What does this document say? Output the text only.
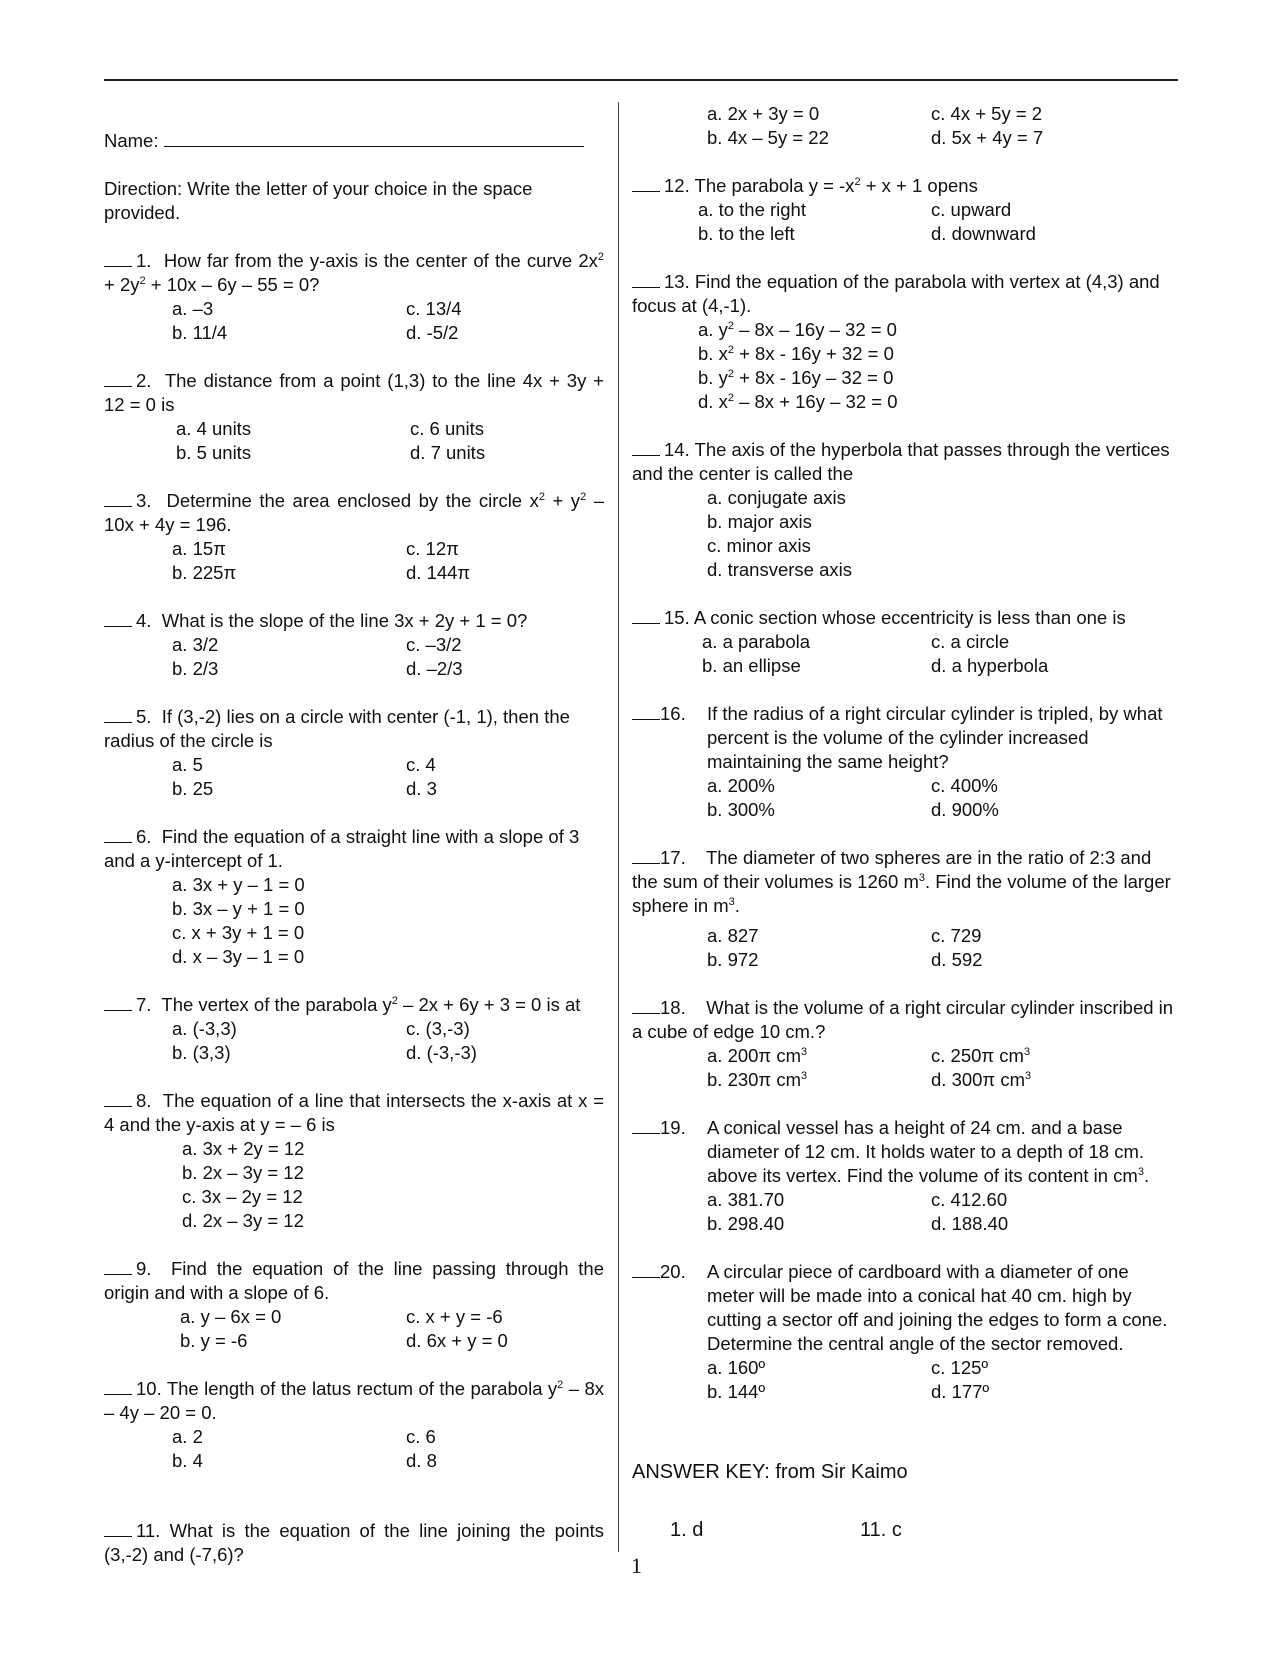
Name:
Direction: Write the letter of your choice in the space provided.
1. How far from the y-axis is the center of the curve $2x^2 + 2y^2 + 10x - 6y - 55 = 0$?
a. –3	c. 13/4
b. 11/4	d. -5/2
2. The distance from a point (1,3) to the line 4x + 3y + 12 = 0 is
a. 4 units	c. 6 units
b. 5 units	d. 7 units
3. Determine the area enclosed by the circle $x^2 + y^2 - 10x + 4y = 196$.
a. 15π	c. 12π
b. 225π	d. 144π
4. What is the slope of the line 3x + 2y + 1 = 0?
a. 3/2	c. –3/2
b. 2/3	d. –2/3
5. If (3,-2) lies on a circle with center (-1, 1), then the radius of the circle is
a. 5	c. 4
b. 25	d. 3
6. Find the equation of a straight line with a slope of 3 and a y-intercept of 1.
a. 3x + y – 1 = 0
b. 3x – y + 1 = 0
c. x + 3y + 1 = 0
d. x – 3y – 1 = 0
7. The vertex of the parabola $y^2 - 2x + 6y + 3 = 0$ is at
a. (-3,3)	c. (3,-3)
b. (3,3)	d. (-3,-3)
8. The equation of a line that intersects the x-axis at x = 4 and the y-axis at y = – 6 is
a. 3x + 2y = 12
b. 2x – 3y = 12
c. 3x – 2y = 12
d. 2x – 3y = 12
9. Find the equation of the line passing through the origin and with a slope of 6.
a. y – 6x = 0	c. x + y = -6
b. y = -6	d. 6x + y = 0
10. The length of the latus rectum of the parabola $y^2 - 8x - 4y - 20 = 0$.
a. 2	c. 6
b. 4	d. 8
11. What is the equation of the line joining the points (3,-2) and (-7,6)?
a. 2x + 3y = 0	c. 4x + 5y = 2
b. 4x – 5y = 22	d. 5x + 4y = 7
12. The parabola $y = -x^2 + x + 1$ opens
a. to the right	c. upward
b. to the left	d. downward
13. Find the equation of the parabola with vertex at (4,3) and focus at (4,-1).
a. $y^2 - 8x - 16y - 32 = 0$
b. $x^2 + 8x - 16y + 32 = 0$
b. $y^2 + 8x - 16y - 32 = 0$
d. $x^2 - 8x + 16y - 32 = 0$
14. The axis of the hyperbola that passes through the vertices and the center is called the
a. conjugate axis
b. major axis
c. minor axis
d. transverse axis
15. A conic section whose eccentricity is less than one is
a. a parabola	c. a circle
b. an ellipse	d. a hyperbola
16.	If the radius of a right circular cylinder is tripled, by what percent is the volume of the cylinder increased maintaining the same height?
a. 200%	c. 400%
b. 300%	d. 900%
17. The diameter of two spheres are in the ratio of 2:3 and the sum of their volumes is 1260 $m^3$. Find the volume of the larger sphere in $m^3$.
a. 827	c. 729
b. 972	d. 592
18. What is the volume of a right circular cylinder inscribed in a cube of edge 10 cm.?
a. 200π $cm^3$	c. 250π $cm^3$
b. 230π $cm^3$	d. 300π $cm^3$
19.	A conical vessel has a height of 24 cm. and a base diameter of 12 cm. It holds water to a depth of 18 cm. above its vertex. Find the volume of its content in $cm^3$.
a. 381.70	c. 412.60
b. 298.40	d. 188.40
20.	A circular piece of cardboard with a diameter of one meter will be made into a conical hat 40 cm. high by cutting a sector off and joining the edges to form a cone. Determine the central angle of the sector removed.
a. 160º	c. 125º
b. 144º	d. 177º
ANSWER KEY: from Sir Kaimo
1. d	11. c
1
